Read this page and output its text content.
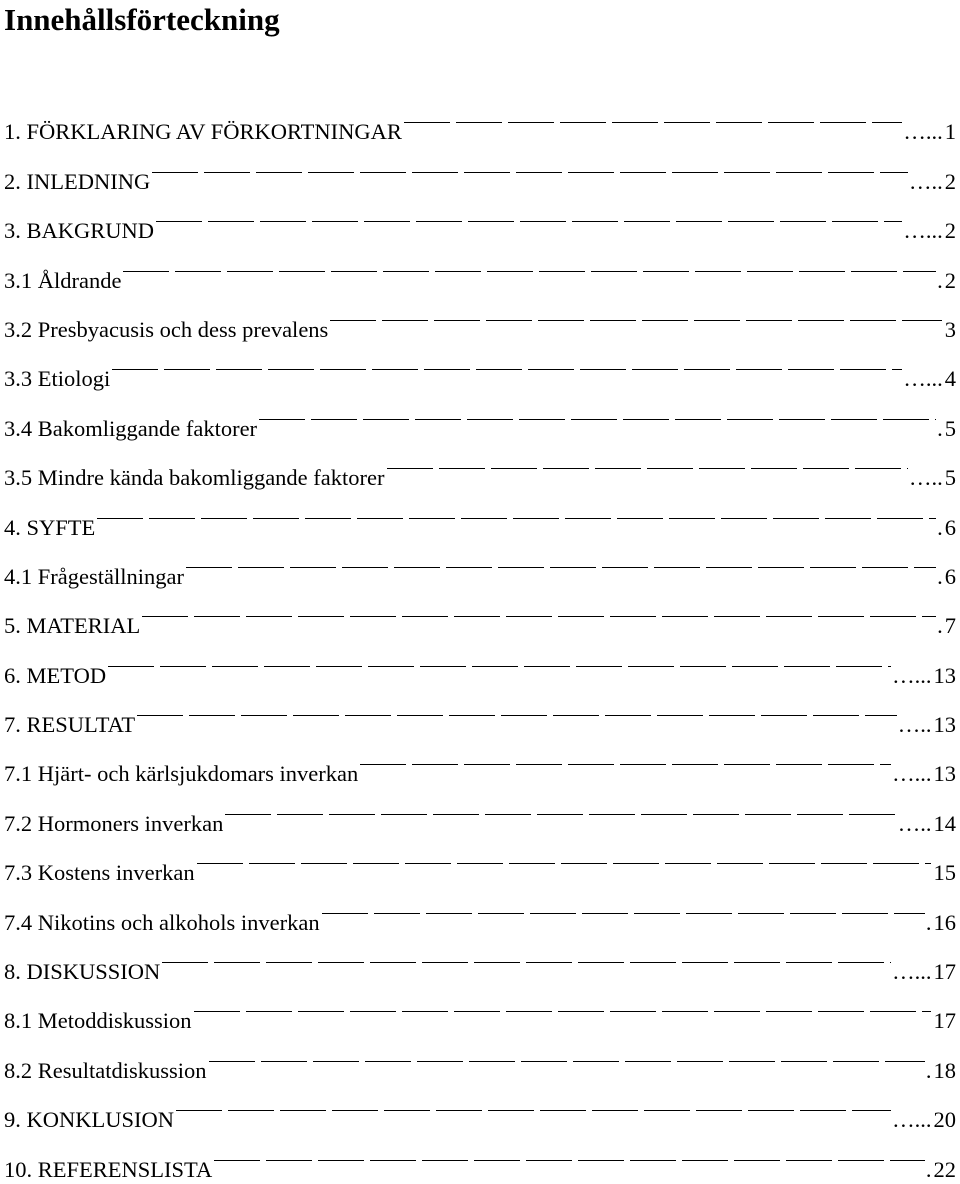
Innehållsförteckning
1. FÖRKLARING AV FÖRKORTNINGAR	…... 1
2. INLEDNING	….. 2
3. BAKGRUND	…... 2
3.1 Åldrande	. 2
3.2 Presbyacusis och dess prevalens	3
3.3 Etiologi	…... 4
3.4 Bakomliggande faktorer	. 5
3.5 Mindre kända bakomliggande faktorer	….. 5
4. SYFTE	. 6
4.1 Frågeställningar	. 6
5. MATERIAL	. 7
6. METOD	…... 13
7. RESULTAT	….. 13
7.1 Hjärt- och kärlsjukdomars inverkan	…... 13
7.2 Hormoners inverkan	….. 14
7.3 Kostens inverkan	15
7.4 Nikotins och alkohols inverkan	. 16
8. DISKUSSION	…... 17
8.1 Metoddiskussion	17
8.2 Resultatdiskussion	. 18
9. KONKLUSION	…... 20
10. REFERENSLISTA	. 22
